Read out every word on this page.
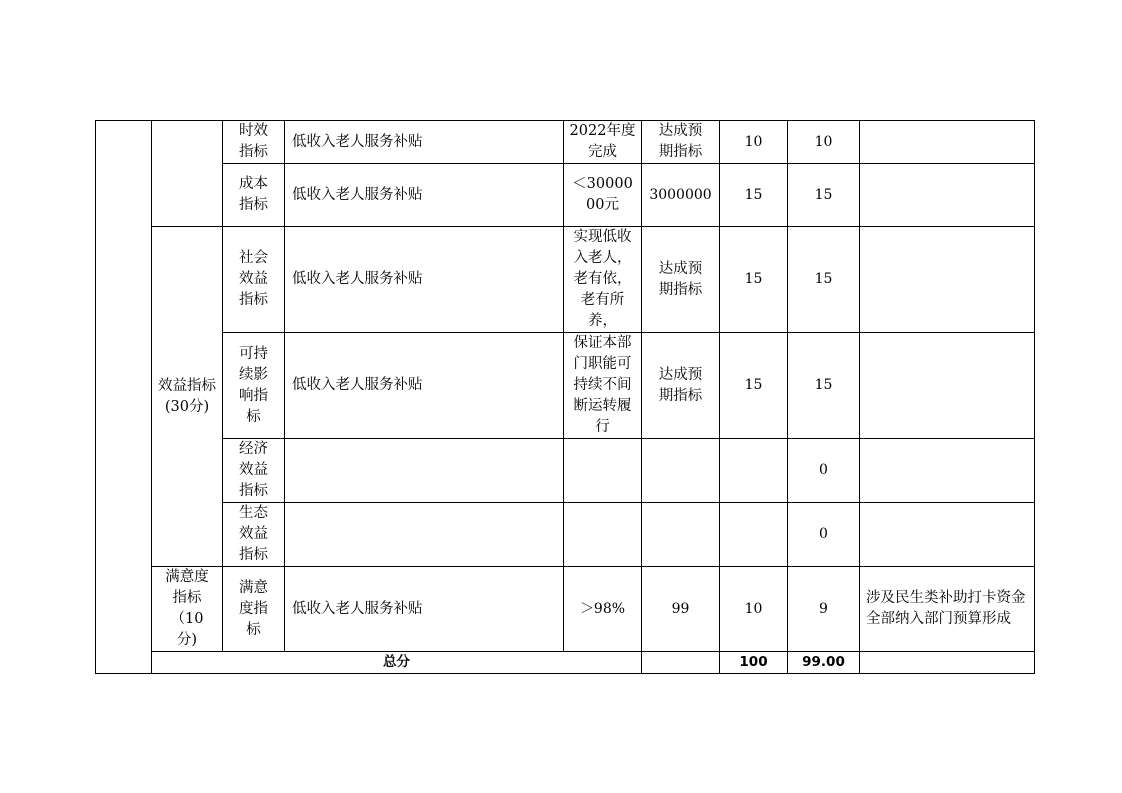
		时效指标	低收入老人服务补贴	2022年度完成	达成预期指标	10	10	

		成本指标	低收入老人服务补贴	＜3000000元	3000000	15	15	

	效益指标(30分)	社会效益指标	低收入老人服务补贴	实现低收入老人，老有依，老有所养，	达成预期指标	15	15	

		可持续影响指标	低收入老人服务补贴	保证本部门职能可持续不间断运转履行	达成预期指标	15	15	

		经济效益指标					0	

		生态效益指标					0	

	满意度指标（10分)	满意度指标	低收入老人服务补贴	＞98%	99	10	9	涉及民生类补助打卡资金全部纳入部门预算形成
	总分					100	99.00	
